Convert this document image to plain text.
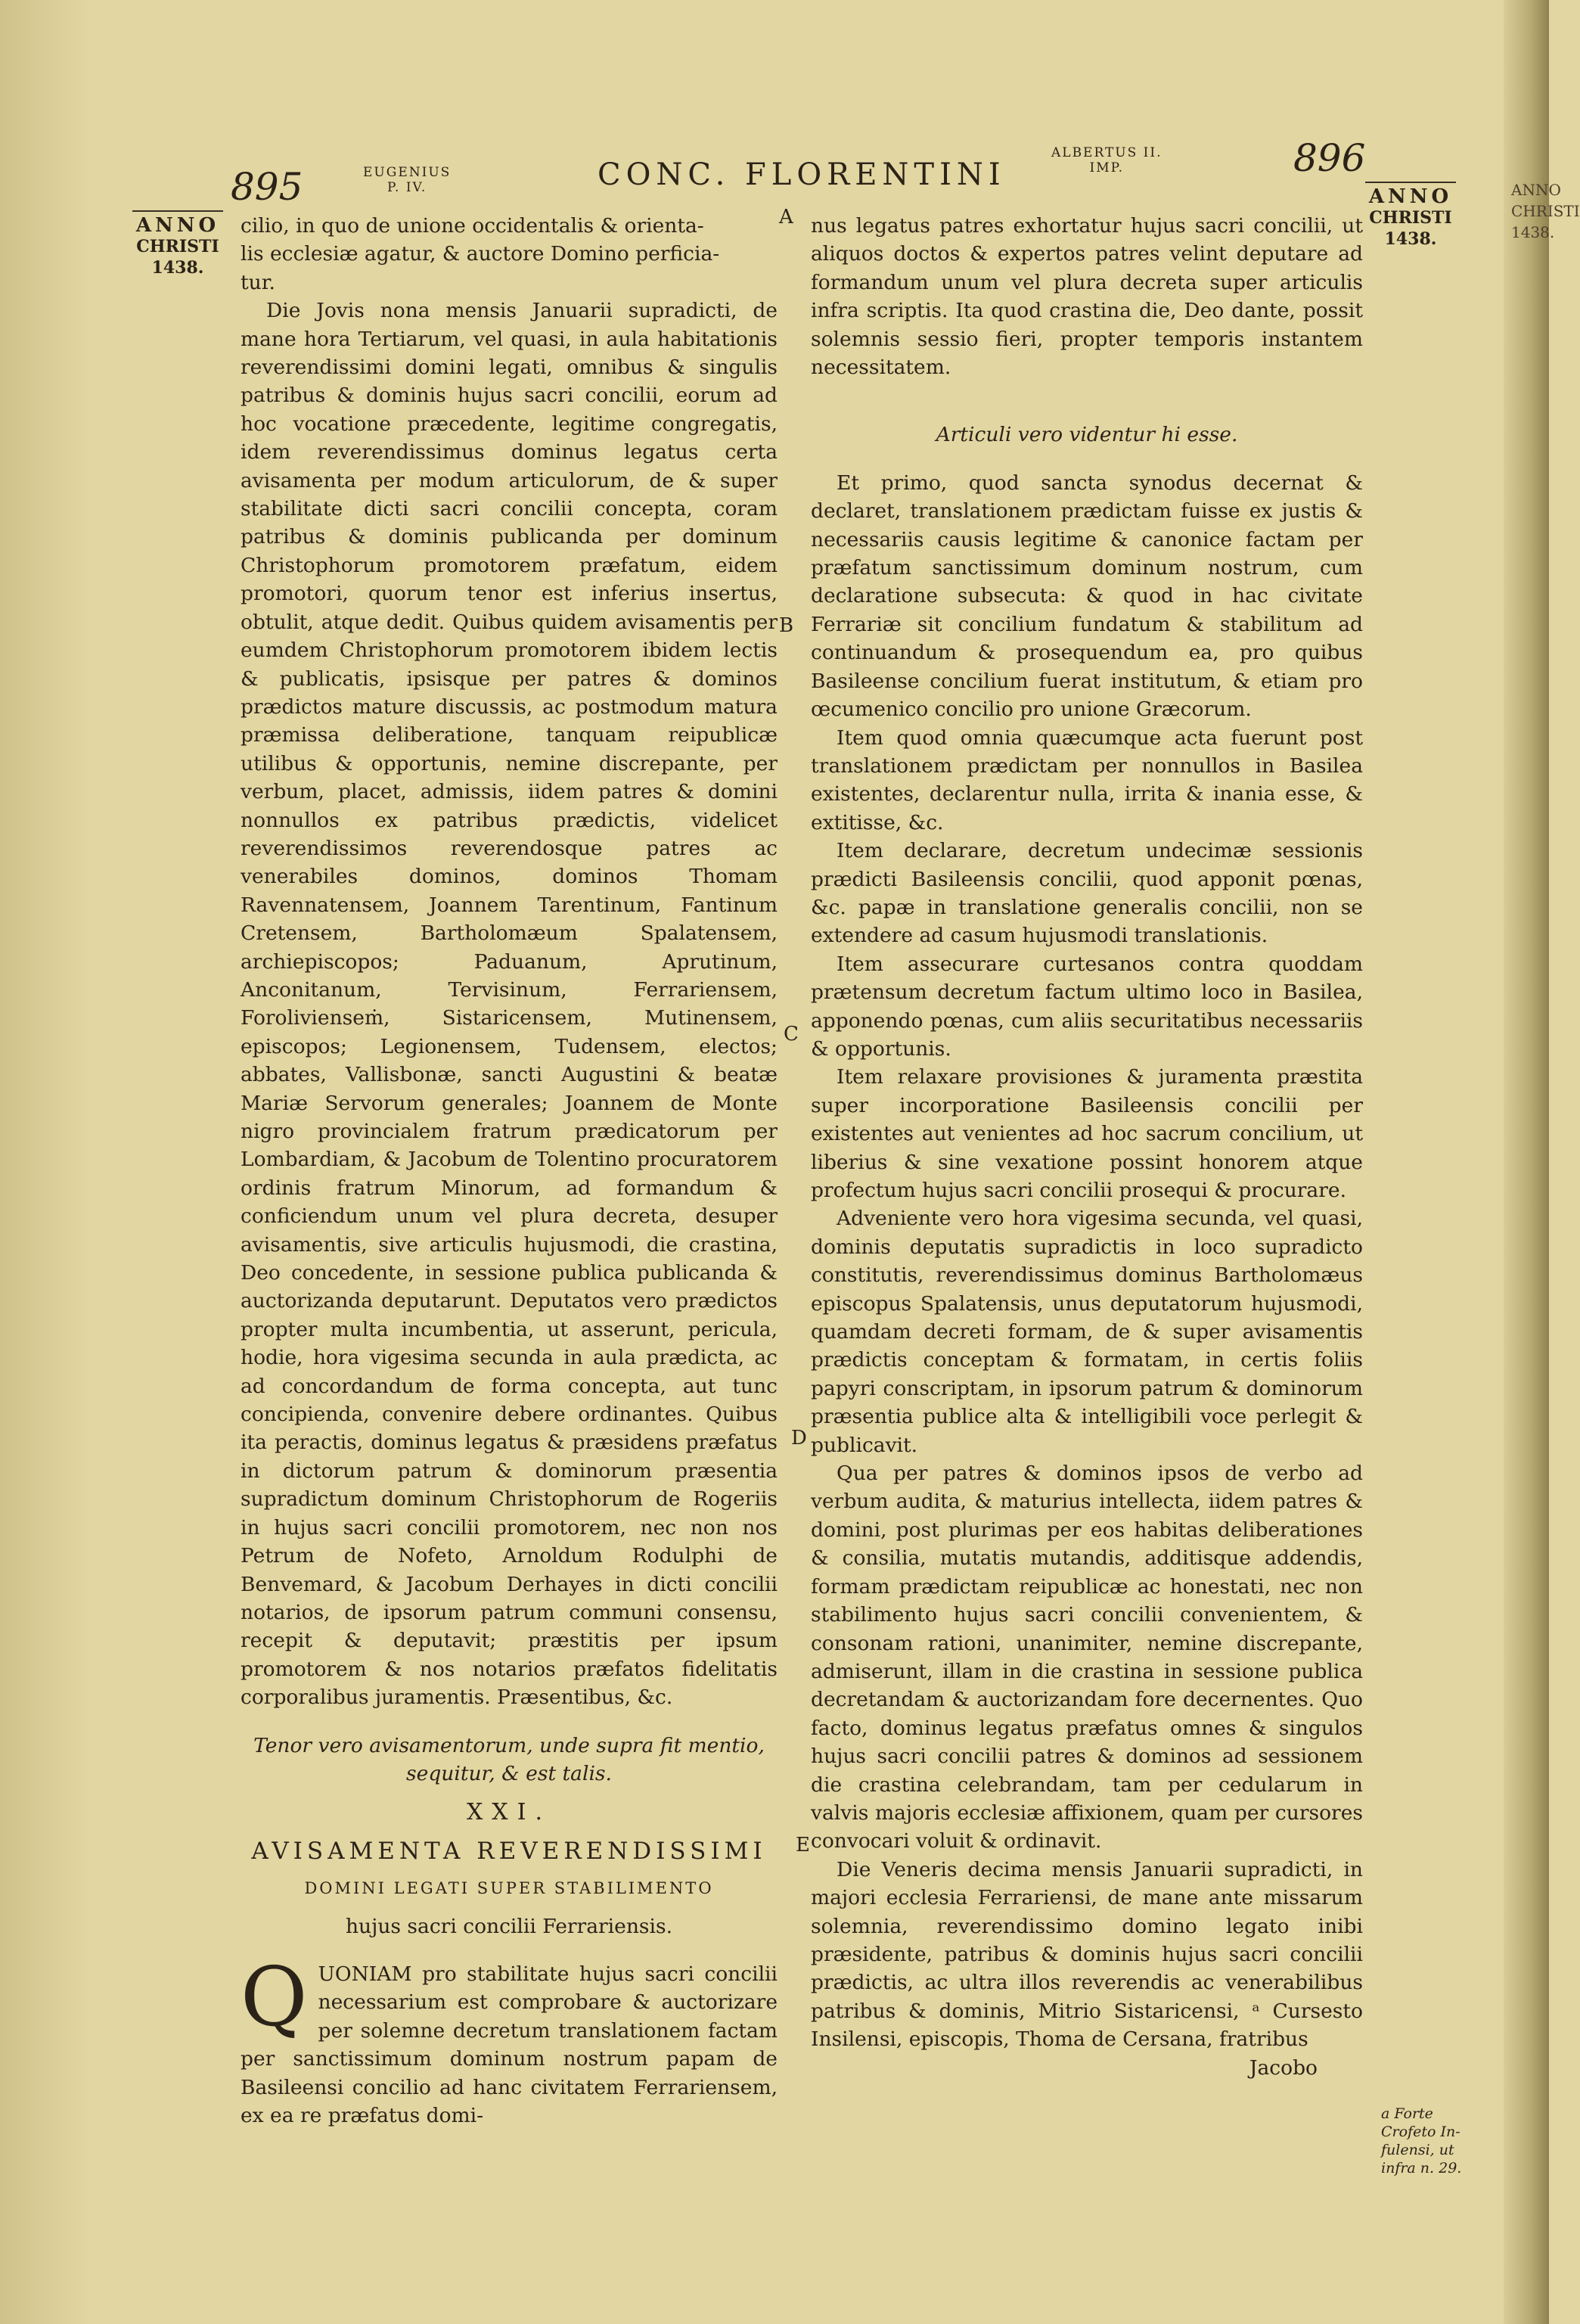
ANNO
CHRISTI
1438.
895	EUGENIUS
P. IV.	CONC. FLORENTINI
ALBERTUS II.
IMP.	896
ANNO
CHRISTI
1438.
ANNO
CHRISTI
1438.
A
B
C
D
E

cilio, in quo de unione occidentalis & orienta-

lis ecclesiæ agatur, & auctore Domino perficia-

tur.

Die Jovis nona mensis Januarii supradicti, de mane hora Tertiarum, vel quasi, in aula habitationis reverendissimi domini legati, omnibus & singulis patribus & dominis hujus sacri concilii, eorum ad hoc vocatione præcedente, legitime congregatis, idem reverendissimus dominus legatus certa avisamenta per modum articulorum, de & super stabilitate dicti sacri concilii concepta, coram patribus & dominis publicanda per dominum Christophorum promotorem præfatum, eidem promotori, quorum tenor est inferius insertus, obtulit, atque dedit. Quibus quidem avisamentis per eumdem Christophorum promotorem ibidem lectis & publicatis, ipsisque per patres & dominos prædictos mature discussis, ac postmodum matura præmissa deliberatione, tanquam reipublicæ utilibus & opportunis, nemine discrepante, per verbum, placet, admissis, iidem patres & domini nonnullos ex patribus prædictis, videlicet reverendissimos reverendosque patres ac venerabiles dominos, dominos Thomam Ravennatensem, Joannem Tarentinum, Fantinum Cretensem, Bartholomæum Spalatensem, archiepiscopos; Paduanum, Aprutinum, Anconitanum, Tervisinum, Ferrariensem, Forolivienseṁ, Sistaricensem, Mutinensem, episcopos; Legionensem, Tudensem, electos; abbates, Vallisbonæ, sancti Augustini & beatæ Mariæ Servorum generales; Joannem de Monte nigro provincialem fratrum prædicatorum per Lombardiam, & Jacobum de Tolentino procuratorem ordinis fratrum Minorum, ad formandum & conficiendum unum vel plura decreta, desuper avisamentis, sive articulis hujusmodi, die crastina, Deo concedente, in sessione publica publicanda & auctorizanda deputarunt. Deputatos vero prædictos propter multa incumbentia, ut asserunt, pericula, hodie, hora vigesima secunda in aula prædicta, ac ad concordandum de forma concepta, aut tunc concipienda, convenire debere ordinantes. Quibus ita peractis, dominus legatus & præsidens præfatus in dictorum patrum & dominorum præsentia supradictum dominum Christophorum de Rogeriis in hujus sacri concilii promotorem, nec non nos Petrum de Nofeto, Arnoldum Rodulphi de Benvemard, & Jacobum Derhayes in dicti concilii notarios, de ipsorum patrum communi consensu, recepit & deputavit; præstitis per ipsum promotorem & nos notarios præfatos fidelitatis corporalibus juramentis. Præsentibus, &c.

Tenor vero avisamentorum, unde supra fit mentio, sequitur, & est talis.

XXI.

AVISAMENTA REVERENDISSIMI

DOMINI LEGATI SUPER STABILIMENTO

hujus sacri concilii Ferrariensis.

QUONIAM pro stabilitate hujus sacri concilii necessarium est comprobare & auctorizare per solemne decretum translationem factam per sanctissimum dominum nostrum papam de Basileensi concilio ad hanc civitatem Ferrariensem, ex ea re præfatus domi-

nus legatus patres exhortatur hujus sacri concilii, ut aliquos doctos & expertos patres velint deputare ad formandum unum vel plura decreta super articulis infra scriptis. Ita quod crastina die, Deo dante, possit solemnis sessio fieri, propter temporis instantem necessitatem.

Articuli vero videntur hi esse.

Et primo, quod sancta synodus decernat & declaret, translationem prædictam fuisse ex justis & necessariis causis legitime & canonice factam per præfatum sanctissimum dominum nostrum, cum declaratione subsecuta: & quod in hac civitate Ferrariæ sit concilium fundatum & stabilitum ad continuandum & prosequendum ea, pro quibus Basileense concilium fuerat institutum, & etiam pro œcumenico concilio pro unione Græcorum.

Item quod omnia quæcumque acta fuerunt post translationem prædictam per nonnullos in Basilea existentes, declarentur nulla, irrita & inania esse, & extitisse, &c.

Item declarare, decretum undecimæ sessionis prædicti Basileensis concilii, quod apponit pœnas, &c. papæ in translatione generalis concilii, non se extendere ad casum hujusmodi translationis.

Item assecurare curtesanos contra quoddam prætensum decretum factum ultimo loco in Basilea, apponendo pœnas, cum aliis securitatibus necessariis & opportunis.

Item relaxare provisiones & juramenta præstita super incorporatione Basileensis concilii per existentes aut venientes ad hoc sacrum concilium, ut liberius & sine vexatione possint honorem atque profectum hujus sacri concilii prosequi & procurare.

Adveniente vero hora vigesima secunda, vel quasi, dominis deputatis supradictis in loco supradicto constitutis, reverendissimus dominus Bartholomæus episcopus Spalatensis, unus deputatorum hujusmodi, quamdam decreti formam, de & super avisamentis prædictis conceptam & formatam, in certis foliis papyri conscriptam, in ipsorum patrum & dominorum præsentia publice alta & intelligibili voce perlegit & publicavit.

Qua per patres & dominos ipsos de verbo ad verbum audita, & maturius intellecta, iidem patres & domini, post plurimas per eos habitas deliberationes & consilia, mutatis mutandis, additisque addendis, formam prædictam reipublicæ ac honestati, nec non stabilimento hujus sacri concilii convenientem, & consonam rationi, unanimiter, nemine discrepante, admiserunt, illam in die crastina in sessione publica decretandam & auctorizandam fore decernentes. Quo facto, dominus legatus præfatus omnes & singulos hujus sacri concilii patres & dominos ad sessionem die crastina celebrandam, tam per cedularum in valvis majoris ecclesiæ affixionem, quam per cursores convocari voluit & ordinavit.

Die Veneris decima mensis Januarii supradicti, in majori ecclesia Ferrariensi, de mane ante missarum solemnia, reverendissimo domino legato inibi præsidente, patribus & dominis hujus sacri concilii prædictis, ac ultra illos reverendis ac venerabilibus patribus & dominis, Mitrio Sistaricensi, ᵃ Cursesto Insilensi, episcopis, Thoma de Cersana, fratribus

Jacobo

a Forte
Crofeto In-
fulensi, ut
infra n. 29.
